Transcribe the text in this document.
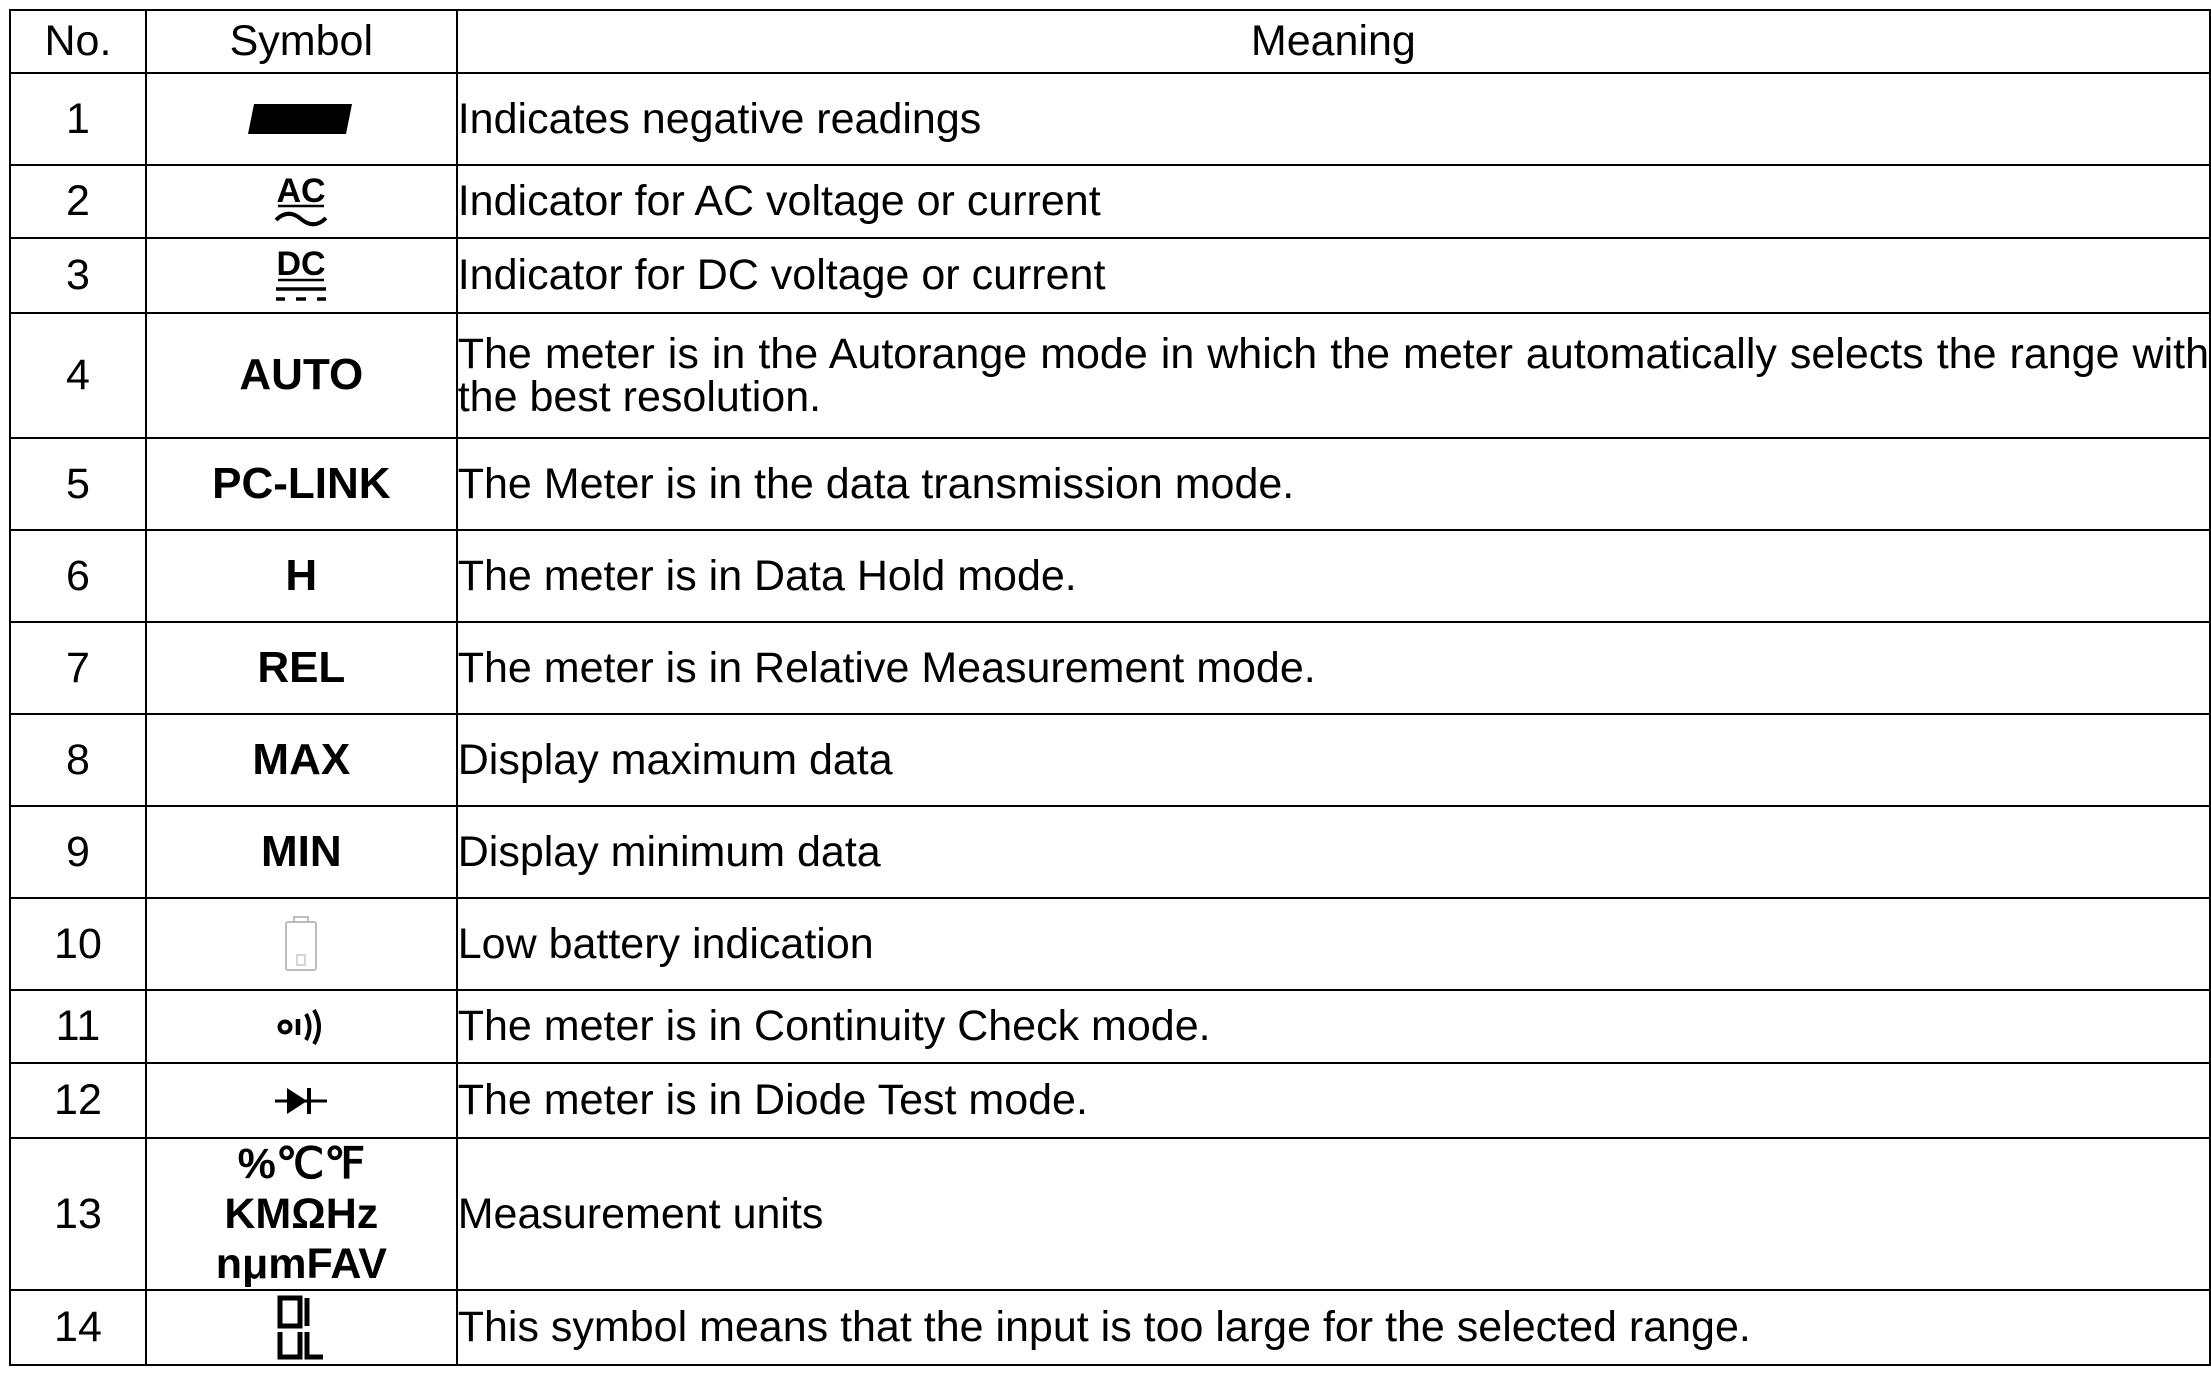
No.	Symbol	Meaning
1		Indicates negative readings
2	AC	Indicator for AC voltage or current
3	DC	Indicator for DC voltage or current
4	AUTO	The meter is in the Autorange mode in which the meter automatically selects the range with the best resolution.
5	PC-LINK	The Meter is in the data transmission mode.
6	H	The meter is in Data Hold mode.
7	REL	The meter is in Relative Measurement mode.
8	MAX	Display maximum data
9	MIN	Display minimum data
10		Low battery indication
11		The meter is in Continuity Check mode.
12		The meter is in Diode Test mode.
13	%℃℉
KMΩHz
nμmFAV	Measurement units
14		This symbol means that the input is too large for the selected range.
